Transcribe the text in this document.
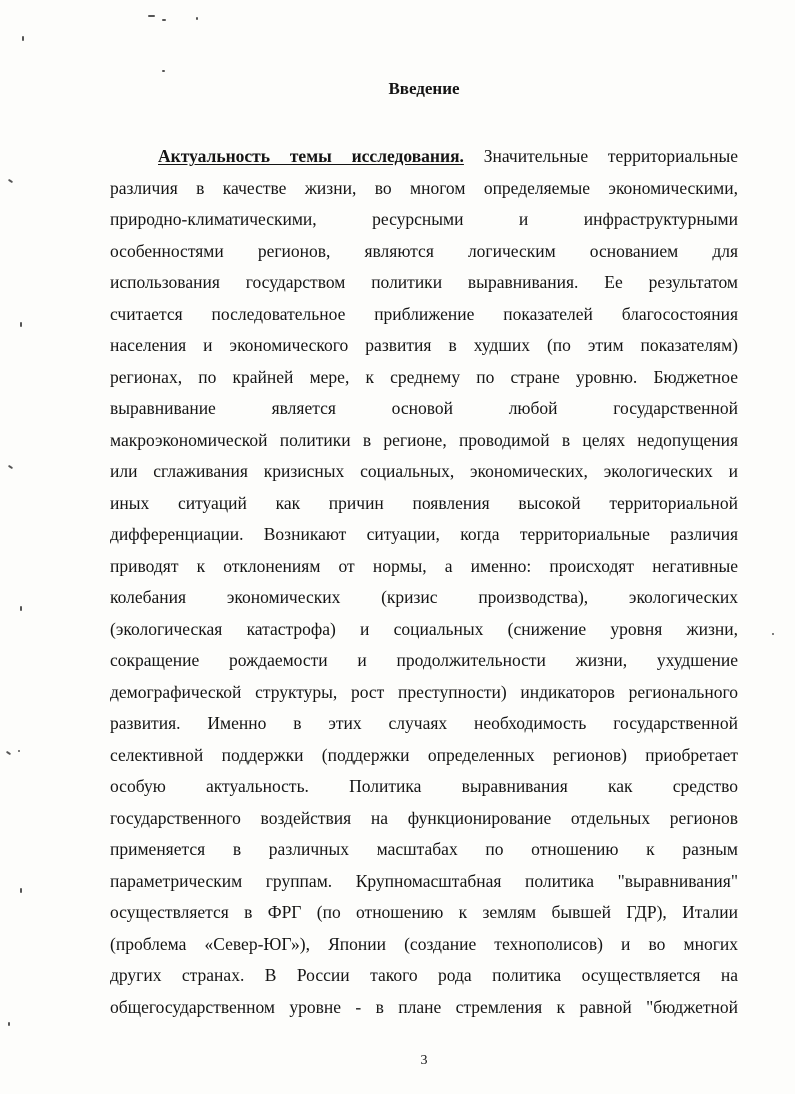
Введение
Актуальность темы исследования. Значительные территориальные
различия в качестве жизни, во многом определяемые экономическими,
природно-климатическими, ресурсными и инфраструктурными
особенностями регионов, являются логическим основанием для
использования государством политики выравнивания. Ее результатом
считается последовательное приближение показателей благосостояния
населения и экономического развития в худших (по этим показателям)
регионах, по крайней мере, к среднему по стране уровню. Бюджетное
выравнивание является основой любой государственной
макроэкономической политики в регионе, проводимой в целях недопущения
или сглаживания кризисных социальных, экономических, экологических и
иных ситуаций как причин появления высокой территориальной
дифференциации. Возникают ситуации, когда территориальные различия
приводят к отклонениям от нормы, а именно: происходят негативные
колебания экономических (кризис производства), экологических
(экологическая катастрофа) и социальных (снижение уровня жизни,
сокращение рождаемости и продолжительности жизни, ухудшение
демографической структуры, рост преступности) индикаторов регионального
развития. Именно в этих случаях необходимость государственной
селективной поддержки (поддержки определенных регионов) приобретает
особую актуальность. Политика выравнивания как средство
государственного воздействия на функционирование отдельных регионов
применяется в различных масштабах по отношению к разным
параметрическим группам. Крупномасштабная политика "выравнивания"
осуществляется в ФРГ (по отношению к землям бывшей ГДР), Италии
(проблема «Север-ЮГ»), Японии (создание технополисов) и во многих
других странах. В России такого рода политика осуществляется на
общегосударственном уровне - в плане стремления к равной "бюджетной
3
